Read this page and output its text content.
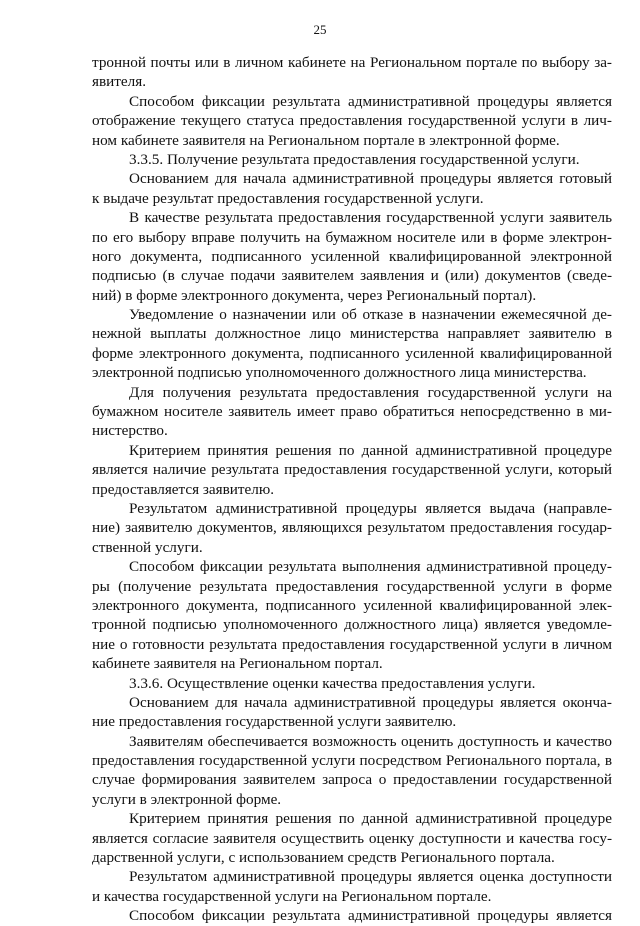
25
тронной почты или в личном кабинете на Региональном портале по выбору за-
явителя.
Способом фиксации результата административной процедуры является
отображение текущего статуса предоставления государственной услуги в лич-
ном кабинете заявителя на Региональном портале в электронной форме.
3.3.5. Получение результата предоставления государственной услуги.
Основанием для начала административной процедуры является готовый
к выдаче результат предоставления государственной услуги.
В качестве результата предоставления государственной услуги заявитель
по его выбору вправе получить на бумажном носителе или в форме электрон-
ного документа, подписанного усиленной квалифицированной электронной
подписью (в случае подачи заявителем заявления и (или) документов (сведе-
ний) в форме электронного документа, через Региональный портал).
Уведомление о назначении или об отказе в назначении ежемесячной де-
нежной выплаты должностное лицо министерства направляет заявителю в
форме электронного документа, подписанного усиленной квалифицированной
электронной подписью уполномоченного должностного лица министерства.
Для получения результата предоставления государственной услуги на
бумажном носителе заявитель имеет право обратиться непосредственно в ми-
нистерство.
Критерием принятия решения по данной административной процедуре
является наличие результата предоставления государственной услуги, который
предоставляется заявителю.
Результатом административной процедуры является выдача (направле-
ние) заявителю документов, являющихся результатом предоставления государ-
ственной услуги.
Способом фиксации результата выполнения административной процеду-
ры (получение результата предоставления государственной услуги в форме
электронного документа, подписанного усиленной квалифицированной элек-
тронной подписью уполномоченного должностного лица) является уведомле-
ние о готовности результата предоставления государственной услуги в личном
кабинете заявителя на Региональном портал.
3.3.6. Осуществление оценки качества предоставления услуги.
Основанием для начала административной процедуры является оконча-
ние предоставления государственной услуги заявителю.
Заявителям обеспечивается возможность оценить доступность и качество
предоставления государственной услуги посредством Регионального портала, в
случае формирования заявителем запроса о предоставлении государственной
услуги в электронной форме.
Критерием принятия решения по данной административной процедуре
является согласие заявителя осуществить оценку доступности и качества госу-
дарственной услуги, с использованием средств Регионального портала.
Результатом административной процедуры является оценка доступности
и качества государственной услуги на Региональном портале.
Способом фиксации результата административной процедуры является
